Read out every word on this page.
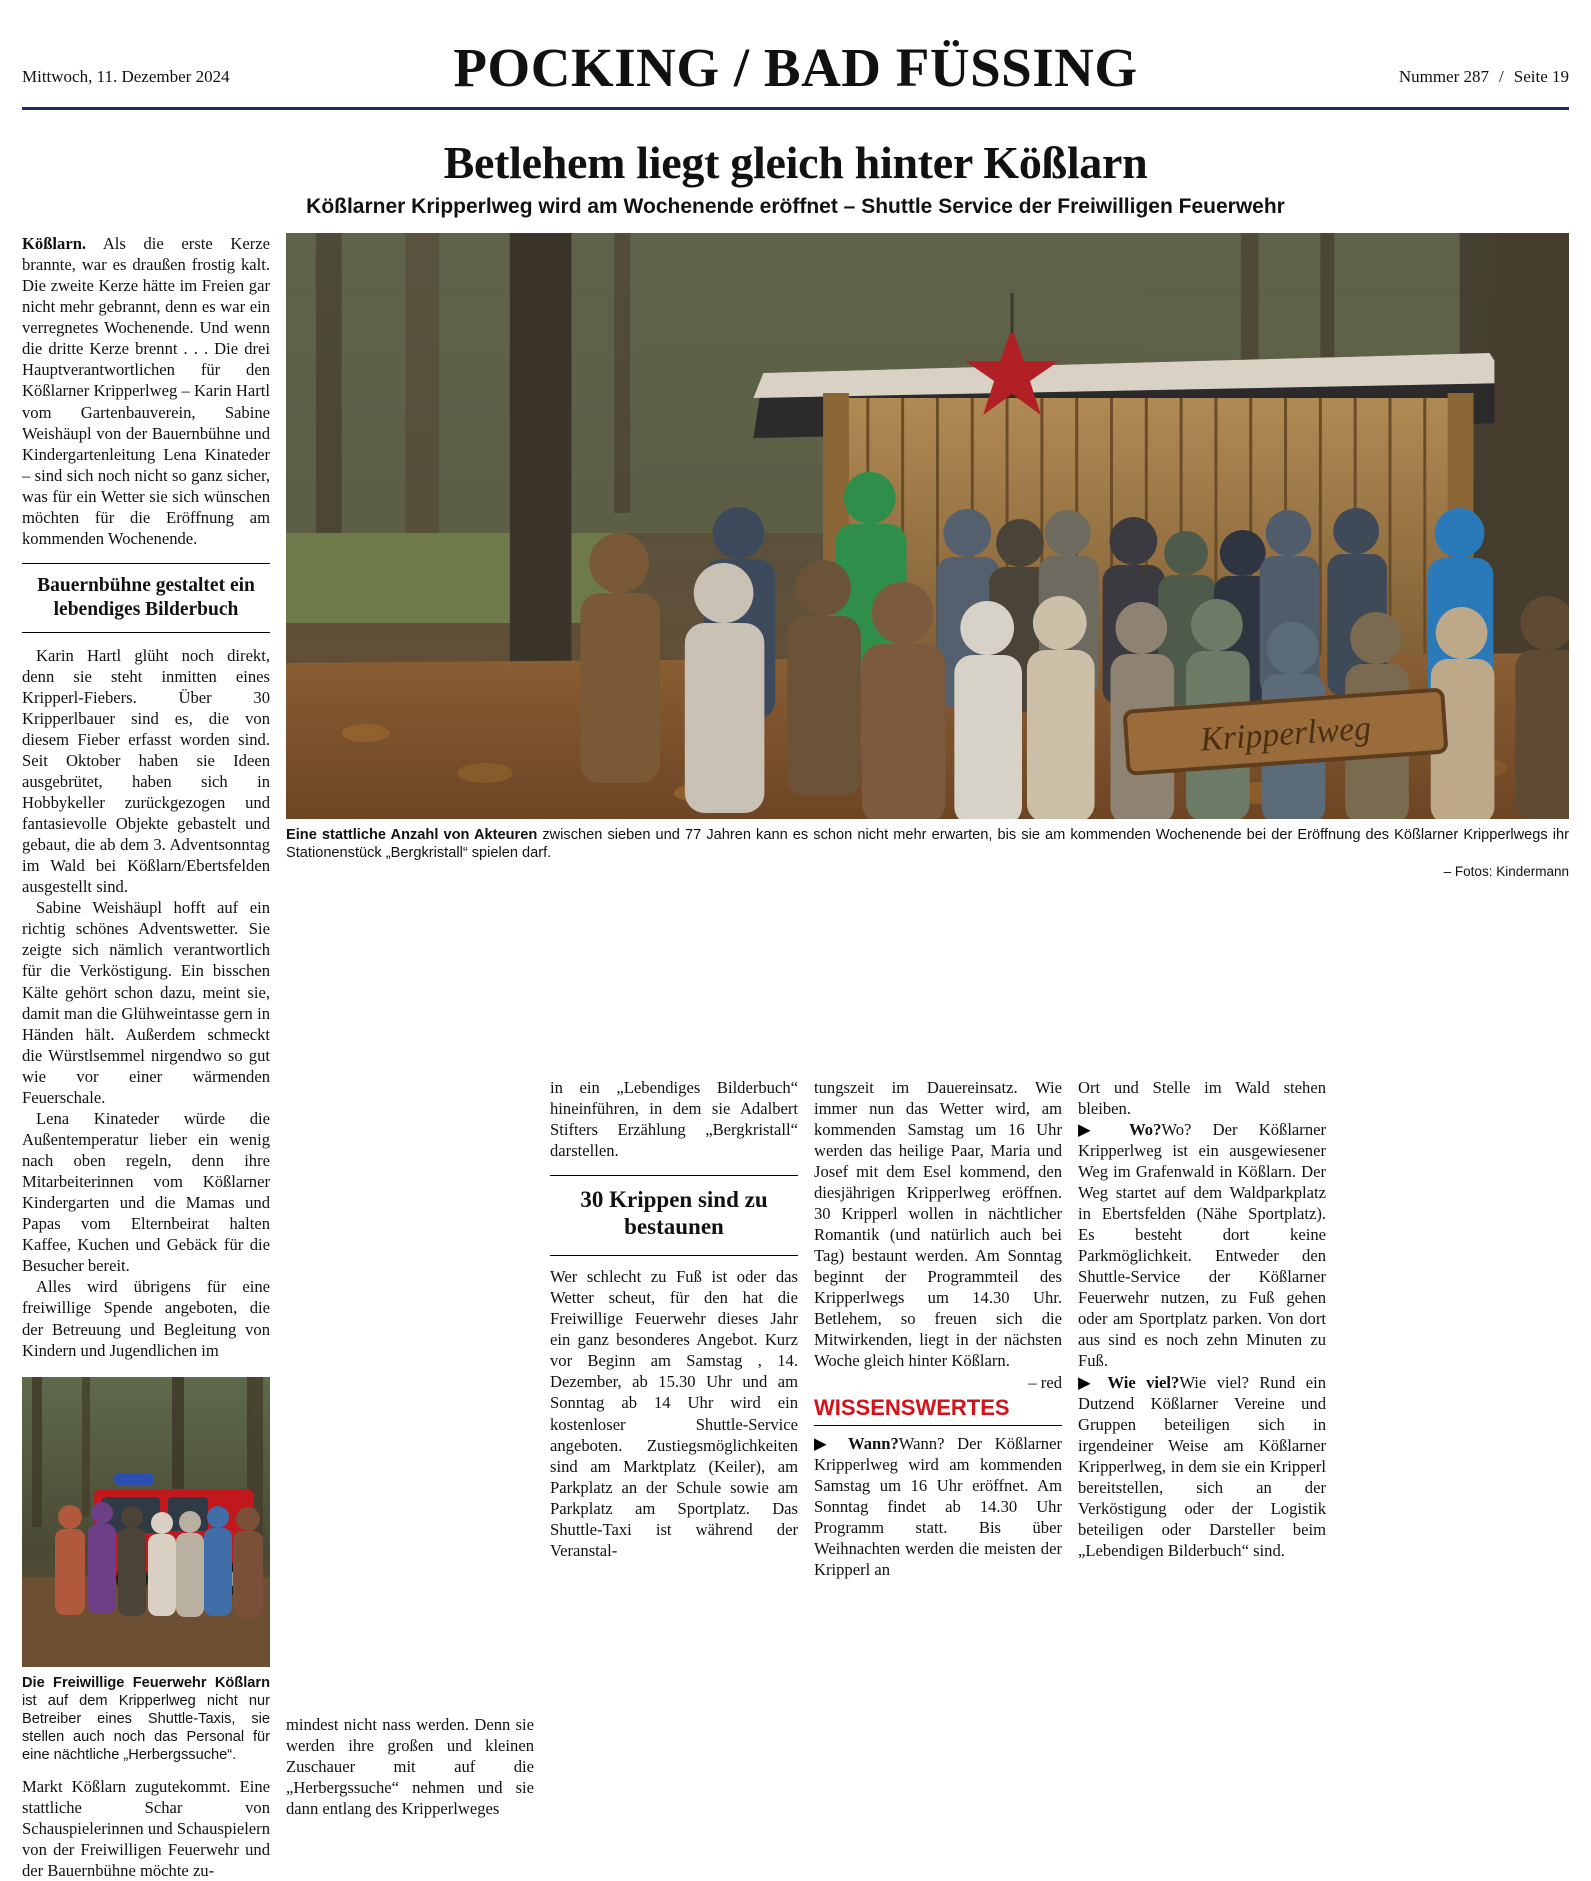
Mittwoch, 11. Dezember 2024	POCKING / BAD FÜSSING	Nummer 287 / Seite 19
Betlehem liegt gleich hinter Kößlarn
Kößlarner Kripperlweg wird am Wochenende eröffnet – Shuttle Service der Freiwilligen Feuerwehr

Kößlarn. Als die erste Kerze brannte, war es draußen frostig kalt. Die zweite Kerze hätte im Freien gar nicht mehr gebrannt, denn es war ein verregnetes Wochenende. Und wenn die dritte Kerze brennt . . . Die drei Hauptverantwortlichen für den Kößlarner Kripperlweg – Karin Hartl vom Gartenbauverein, Sabine Weishäupl von der Bauernbühne und Kindergartenleitung Lena Kinateder – sind sich noch nicht so ganz sicher, was für ein Wetter sie sich wünschen möchten für die Eröffnung am kommenden Wochenende.

Bauernbühne gestaltet ein lebendiges Bilderbuch

Karin Hartl glüht noch direkt, denn sie steht inmitten eines Kripperl-Fiebers. Über 30 Kripperlbauer sind es, die von diesem Fieber erfasst worden sind. Seit Oktober haben sie Ideen ausgebrütet, haben sich in Hobbykeller zurückgezogen und fantasievolle Objekte gebastelt und gebaut, die ab dem 3. Adventsonntag im Wald bei Kößlarn/Ebertsfelden ausgestellt sind.

Sabine Weishäupl hofft auf ein richtig schönes Adventswetter. Sie zeigte sich nämlich verantwortlich für die Verköstigung. Ein bisschen Kälte gehört schon dazu, meint sie, damit man die Glühweintasse gern in Händen hält. Außerdem schmeckt die Würstlsemmel nirgendwo so gut wie vor einer wärmenden Feuerschale.

Lena Kinateder würde die Außentemperatur lieber ein wenig nach oben regeln, denn ihre Mitarbeiterinnen vom Kößlarner Kindergarten und die Mamas und Papas vom Elternbeirat halten Kaffee, Kuchen und Gebäck für die Besucher bereit.

Alles wird übrigens für eine freiwillige Spende angeboten, die der Betreuung und Begleitung von Kindern und Jugendlichen im

Kripperlweg
Eine stattliche Anzahl von Akteuren zwischen sieben und 77 Jahren kann es schon nicht mehr erwarten, bis sie am kommenden Wochenende bei der Eröffnung des Kößlarner Kripperlwegs ihr Stationenstück „Bergkristall“ spielen darf.
– Fotos: Kindermann
Die Freiwillige Feuerwehr Kößlarn ist auf dem Kripperlweg nicht nur Betreiber eines Shuttle-Taxis, sie stellen auch noch das Personal für eine nächtliche „Herbergssuche“.

Markt Kößlarn zugutekommt. Eine stattliche Schar von Schauspielerinnen und Schauspielern von der Freiwilligen Feuerwehr und der Bauernbühne möchte zu-

mindest nicht nass werden. Denn sie werden ihre großen und kleinen Zuschauer mit auf die „Herbergssuche“ nehmen und sie dann entlang des Kripperlweges

in ein „Lebendiges Bilderbuch“ hineinführen, in dem sie Adalbert Stifters Erzählung „Bergkristall“ darstellen.

30 Krippen sind zu bestaunen

Wer schlecht zu Fuß ist oder das Wetter scheut, für den hat die Freiwillige Feuerwehr dieses Jahr ein ganz besonderes Angebot. Kurz vor Beginn am Samstag , 14. Dezember, ab 15.30 Uhr und am Sonntag ab 14 Uhr wird ein kostenloser Shuttle-Service angeboten. Zustiegsmöglichkeiten sind am Marktplatz (Keiler), am Parkplatz an der Schule sowie am Parkplatz am Sportplatz. Das Shuttle-Taxi ist während der Veranstal-

tungszeit im Dauereinsatz. Wie immer nun das Wetter wird, am kommenden Samstag um 16 Uhr werden das heilige Paar, Maria und Josef mit dem Esel kommend, den diesjährigen Kripperlweg eröffnen. 30 Kripperl wollen in nächtlicher Romantik (und natürlich auch bei Tag) bestaunt werden. Am Sonntag beginnt der Programmteil des Kripperlwegs um 14.30 Uhr. Betlehem, so freuen sich die Mitwirkenden, liegt in der nächsten Woche gleich hinter Kößlarn.

– red

WISSENSWERTES

▶ Wann?Wann? Der Kößlarner Kripperlweg wird am kommenden Samstag um 16 Uhr eröffnet. Am Sonntag findet ab 14.30 Uhr Programm statt. Bis über Weihnachten werden die meisten der Kripperl an

Ort und Stelle im Wald stehen bleiben.

▶ Wo?Wo? Der Kößlarner Kripperlweg ist ein ausgewiesener Weg im Grafenwald in Kößlarn. Der Weg startet auf dem Waldparkplatz in Ebertsfelden (Nähe Sportplatz). Es besteht dort keine Parkmöglichkeit. Entweder den Shuttle-Service der Kößlarner Feuerwehr nutzen, zu Fuß gehen oder am Sportplatz parken. Von dort aus sind es noch zehn Minuten zu Fuß.

▶ Wie viel?Wie viel? Rund ein Dutzend Kößlarner Vereine und Gruppen beteiligen sich in irgendeiner Weise am Kößlarner Kripperlweg, in dem sie ein Kripperl bereitstellen, sich an der Verköstigung oder der Logistik beteiligen oder Darsteller beim „Lebendigen Bilderbuch“ sind.
